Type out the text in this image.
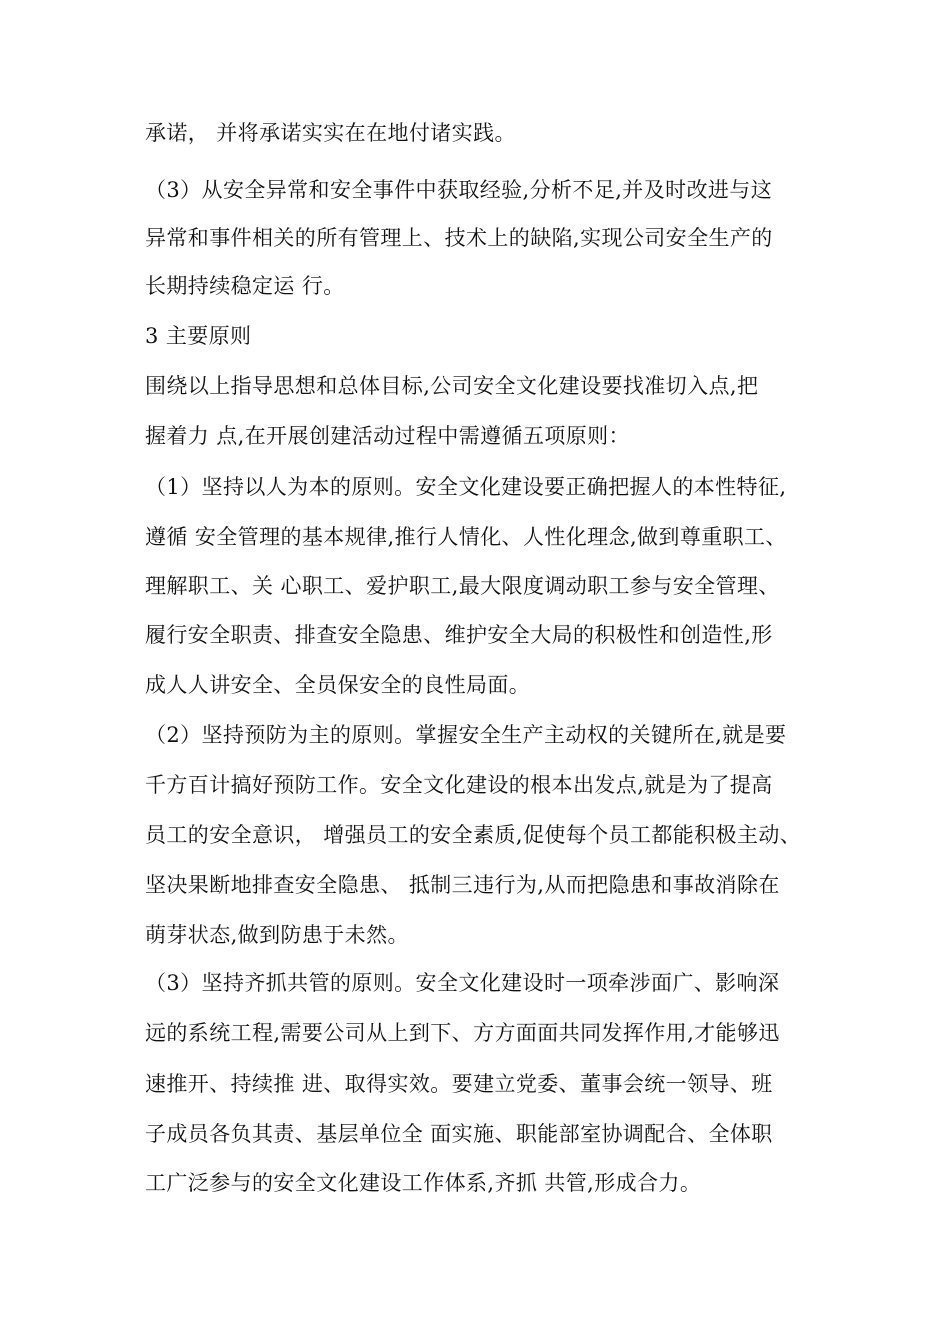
承诺， 并将承诺实实在在地付诸实践。
（3）从安全异常和安全事件中获取经验,分析不足,并及时改进与这
异常和事件相关的所有管理上、技术上的缺陷,实现公司安全生产的
长期持续稳定运 行。
3 主要原则
围绕以上指导思想和总体目标,公司安全文化建设要找准切入点,把
握着力 点,在开展创建活动过程中需遵循五项原则：
（1）坚持以人为本的原则。安全文化建设要正确把握人的本性特征,
遵循 安全管理的基本规律,推行人情化、人性化理念,做到尊重职工、
理解职工、关 心职工、爱护职工,最大限度调动职工参与安全管理、
履行安全职责、排查安全隐患、维护安全大局的积极性和创造性,形
成人人讲安全、全员保安全的良性局面。
（2）坚持预防为主的原则。掌握安全生产主动权的关键所在,就是要
千方百计搞好预防工作。安全文化建设的根本出发点,就是为了提高
员工的安全意识， 增强员工的安全素质,促使每个员工都能积极主动、
坚决果断地排查安全隐患、 抵制三违行为,从而把隐患和事故消除在
萌芽状态,做到防患于未然。
（3）坚持齐抓共管的原则。安全文化建设时一项牵涉面广、影响深
远的系统工程,需要公司从上到下、方方面面共同发挥作用,才能够迅
速推开、持续推 进、取得实效。要建立党委、董事会统一领导、班
子成员各负其责、基层单位全 面实施、职能部室协调配合、全体职
工广泛参与的安全文化建设工作体系,齐抓 共管,形成合力。
